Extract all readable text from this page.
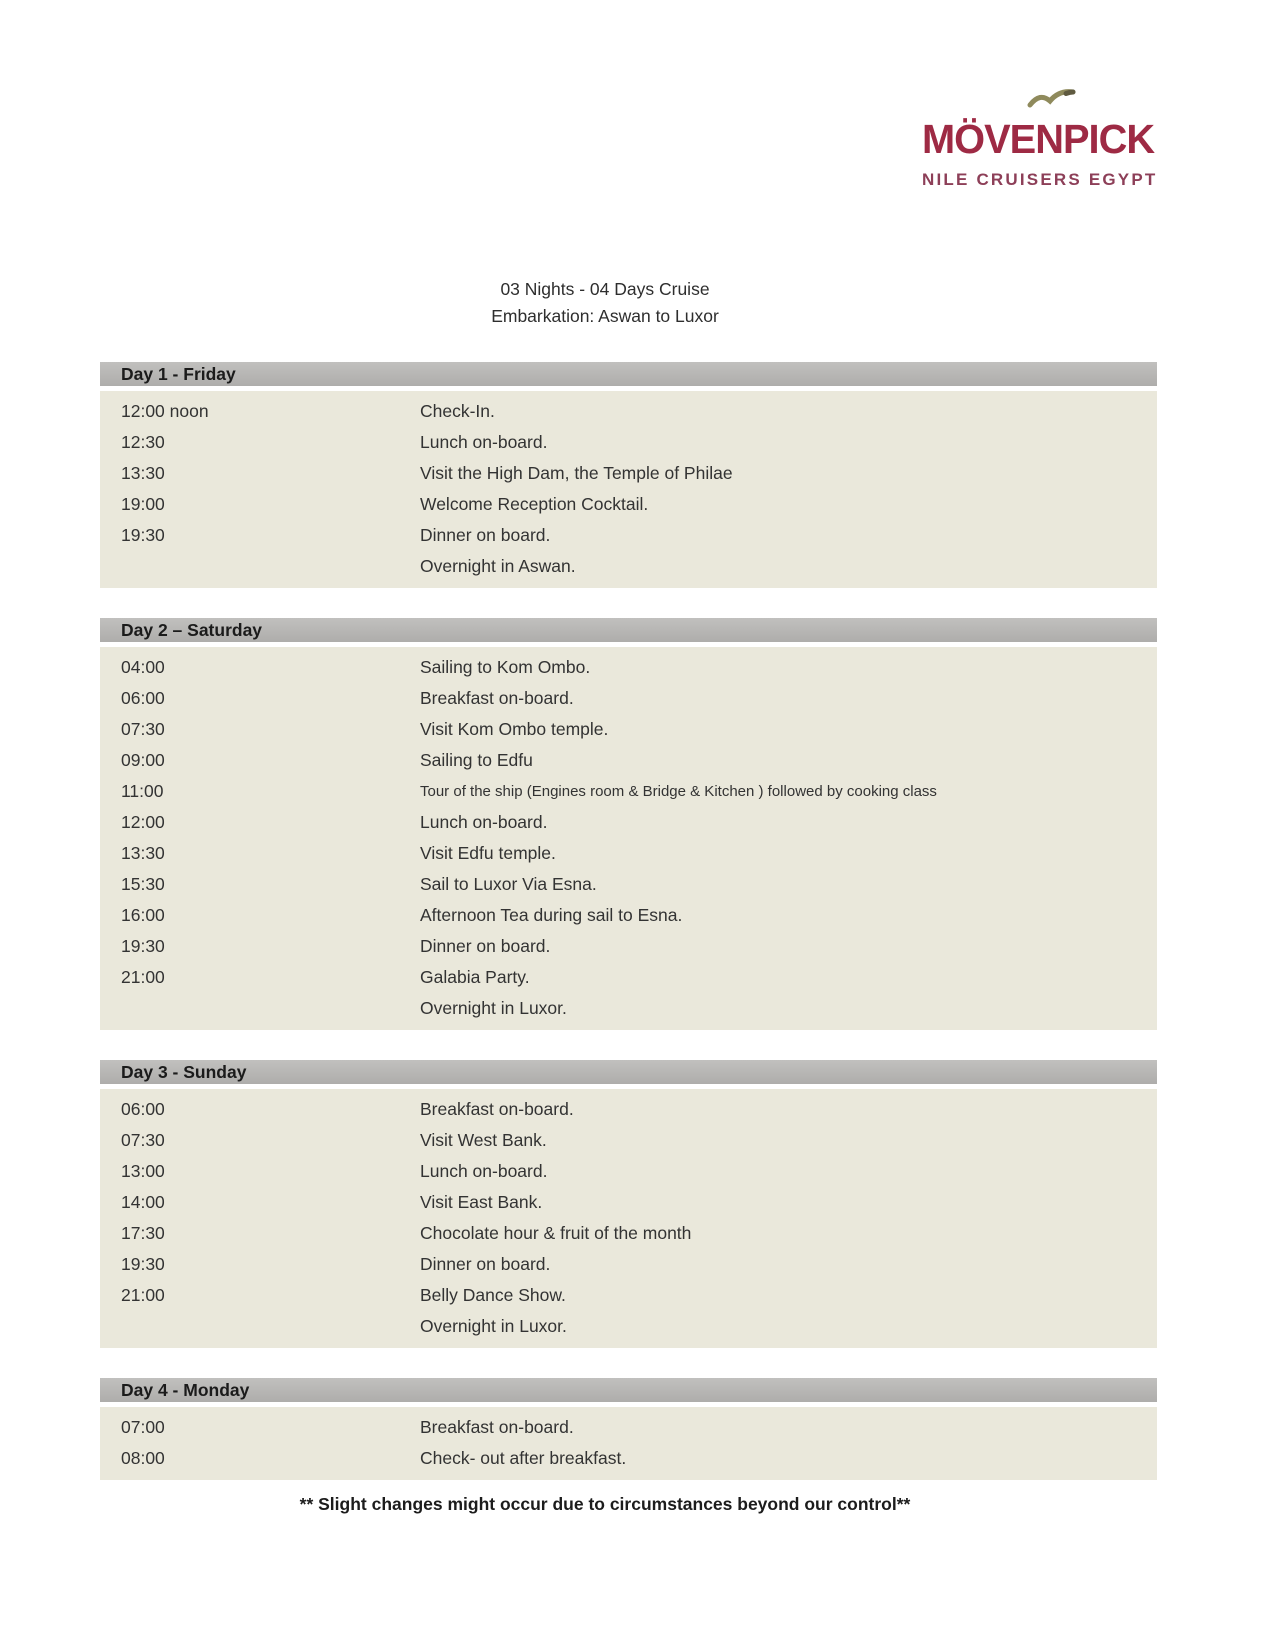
MÖVENPICK
NILE CRUISERS EGYPT
03 Nights - 04 Days Cruise
Embarkation: Aswan to Luxor
Day 1 - Friday
12:00 noon	Check-In.
12:30	Lunch on-board.
13:30	Visit the High Dam, the Temple of Philae
19:00	Welcome Reception Cocktail.
19:30	Dinner on board.
Overnight in Aswan.
Day 2 – Saturday
04:00	Sailing to Kom Ombo.
06:00	Breakfast on-board.
07:30	Visit Kom Ombo temple.
09:00	Sailing to Edfu
11:00	Tour of the ship (Engines room & Bridge & Kitchen ) followed by cooking class
12:00	Lunch on-board.
13:30	Visit Edfu temple.
15:30	Sail to Luxor Via Esna.
16:00	Afternoon Tea during sail to Esna.
19:30	Dinner on board.
21:00	Galabia Party.
Overnight in Luxor.
Day 3 - Sunday
06:00	Breakfast on-board.
07:30	Visit West Bank.
13:00	Lunch on-board.
14:00	Visit East Bank.
17:30	Chocolate hour & fruit of the month
19:30	Dinner on board.
21:00	Belly Dance Show.
Overnight in Luxor.
Day 4 - Monday
07:00	Breakfast on-board.
08:00	Check- out after breakfast.
** Slight changes might occur due to circumstances beyond our control**
